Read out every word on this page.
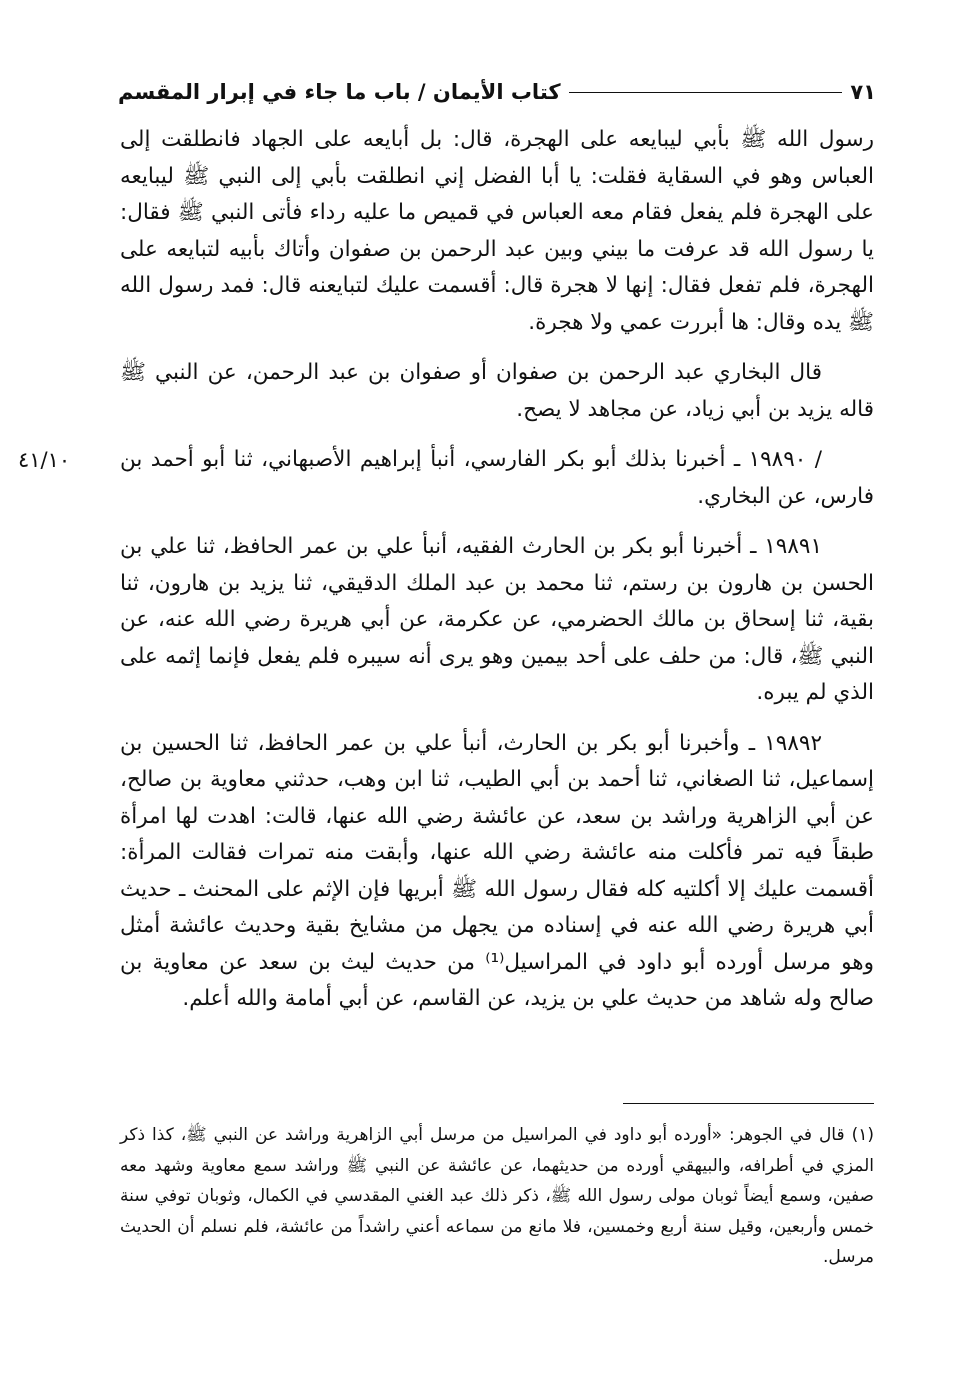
كتاب الأيمان / باب ما جاء في إبرار المقسم	٧١

رسول الله ﷺ بأبي ليبايعه على الهجرة، قال: بل أبايعه على الجهاد فانطلقت إلى العباس وهو في السقاية فقلت: يا أبا الفضل إني انطلقت بأبي إلى النبي ﷺ ليبايعه على الهجرة فلم يفعل فقام معه العباس في قميص ما عليه رداء فأتى النبي ﷺ فقال: يا رسول الله قد عرفت ما بيني وبين عبد الرحمن بن صفوان وأتاك بأبيه لتبايعه على الهجرة، فلم تفعل فقال: إنها لا هجرة قال: أقسمت عليك لتبايعنه قال: فمد رسول الله ﷺ يده وقال: ها أبررت عمي ولا هجرة.

قال البخاري عبد الرحمن بن صفوان أو صفوان بن عبد الرحمن، عن النبي ﷺ قاله يزيد بن أبي زياد، عن مجاهد لا يصح.

٤١/١٠ / ١٩٨٩٠ ـ أخبرنا بذلك أبو بكر الفارسي، أنبأ إبراهيم الأصبهاني، ثنا أبو أحمد بن فارس، عن البخاري.

١٩٨٩١ ـ أخبرنا أبو بكر بن الحارث الفقيه، أنبأ علي بن عمر الحافظ، ثنا علي بن الحسن بن هارون بن رستم، ثنا محمد بن عبد الملك الدقيقي، ثنا يزيد بن هارون، ثنا بقية، ثنا إسحاق بن مالك الحضرمي، عن عكرمة، عن أبي هريرة رضي الله عنه، عن النبي ﷺ، قال: من حلف على أحد بيمين وهو يرى أنه سيبره فلم يفعل فإنما إثمه على الذي لم يبره.

١٩٨٩٢ ـ وأخبرنا أبو بكر بن الحارث، أنبأ علي بن عمر الحافظ، ثنا الحسين بن إسماعيل، ثنا الصغاني، ثنا أحمد بن أبي الطيب، ثنا ابن وهب، حدثني معاوية بن صالح، عن أبي الزاهرية وراشد بن سعد، عن عائشة رضي الله عنها، قالت: اهدت لها امرأة طبقاً فيه تمر فأكلت منه عائشة رضي الله عنها، وأبقت منه تمرات فقالت المرأة: أقسمت عليك إلا أكلتيه كله فقال رسول الله ﷺ أبريها فإن الإثم على المحنث ـ حديث أبي هريرة رضي الله عنه في إسناده من يجهل من مشايخ بقية وحديث عائشة أمثل وهو مرسل أورده أبو داود في المراسيل⁽¹⁾ من حديث ليث بن سعد عن معاوية بن صالح وله شاهد من حديث علي بن يزيد، عن القاسم، عن أبي أمامة والله أعلم.

(١) قال في الجوهر: «أورده أبو داود في المراسيل من مرسل أبي الزاهرية وراشد عن النبي ﷺ، كذا ذكر المزي في أطرافه، والبيهقي أورده من حديثهما، عن عائشة عن النبي ﷺ وراشد سمع معاوية وشهد معه صفين، وسمع أيضاً ثوبان مولى رسول الله ﷺ، ذكر ذلك عبد الغني المقدسي في الكمال، وثوبان توفي سنة خمس وأربعين، وقيل سنة أربع وخمسين، فلا مانع من سماعه أعني راشداً من عائشة، فلم نسلم أن الحديث مرسل.
